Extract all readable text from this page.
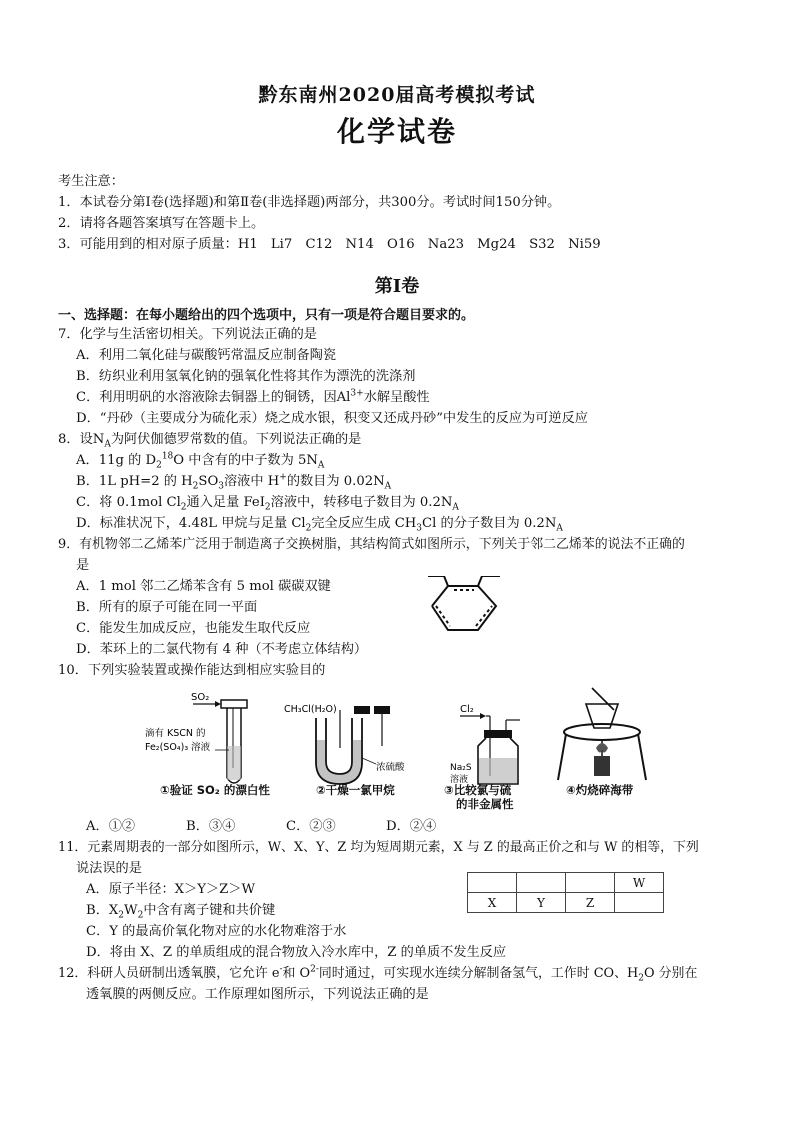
黔东南州2020届高考模拟考试
化学试卷
考生注意：
1．本试卷分第Ⅰ卷(选择题)和第Ⅱ卷(非选择题)两部分，共300分。考试时间150分钟。
2．请将各题答案填写在答题卡上。
3．可能用到的相对原子质量：H1　Li7　C12　N14　O16　Na23　Mg24　S32　Ni59
第Ⅰ卷
一、选择题：在每小题给出的四个选项中，只有一项是符合题目要求的。
7．化学与生活密切相关。下列说法正确的是
A．利用二氧化硅与碳酸钙常温反应制备陶瓷
B．纺织业利用氢氧化钠的强氧化性将其作为漂洗的洗涤剂
C．利用明矾的水溶液除去铜器上的铜锈，因$Al^{3+}$水解呈酸性
D．“丹砂（主要成分为硫化汞）烧之成水银，积变又还成丹砂”中发生的反应为可逆反应
8．设$N_A$为阿伏伽德罗常数的值。下列说法正确的是
A．11g 的 $D_2^{18}O$ 中含有的中子数为 $5N_A$
B．1L pH=2 的 $H_2SO_3$溶液中 H+的数目为 $0.02N_A$
C．将 0.1mol $Cl_2$通入足量 FeI$_2$溶液中，转移电子数目为 $0.2N_A$
D．标准状况下，4.48L 甲烷与足量 $Cl_2$完全反应生成 $CH_3Cl$ 的分子数目为 $0.2N_A$
9．有机物邻二乙烯苯广泛用于制造离子交换树脂，其结构简式如图所示，下列关于邻二乙烯苯的说法不正确的
是
A．1 mol 邻二乙烯苯含有 5 mol 碳碳双键
B．所有的原子可能在同一平面
C．能发生加成反应，也能发生取代反应
D．苯环上的二氯代物有 4 种（不考虑立体结构）
10．下列实验装置或操作能达到相应实验目的
SO₂
滴有 KSCN 的
Fe₂(SO₄)₃ 溶液
①验证 SO₂ 的漂白性
CH₃Cl(H₂O)
浓硫酸
②干燥一氯甲烷
Cl₂
Na₂S
溶液
③比较氯与硫
的非金属性
④灼烧碎海带
A．①②	B．③④	C．②③	D．②④
11．元素周期表的一部分如图所示，W、X、Y、Z 均为短周期元素，X 与 Z 的最高正价之和与 W 的相等，下列
说法误的是
A．原子半径：X＞Y＞Z＞W
B．$X_2W_2$中含有离子键和共价键
C．Y 的最高价氧化物对应的水化物难溶于水
D．将由 X、Z 的单质组成的混合物放入冷水库中，Z 的单质不发生反应
			W
X	Y	Z	
12．科研人员研制出透氧膜，它允许 e-和 $O^{2-}$同时通过，可实现水连续分解制备氢气，工作时 CO、$H_2O$ 分别在
透氧膜的两侧反应。工作原理如图所示，下列说法正确的是
